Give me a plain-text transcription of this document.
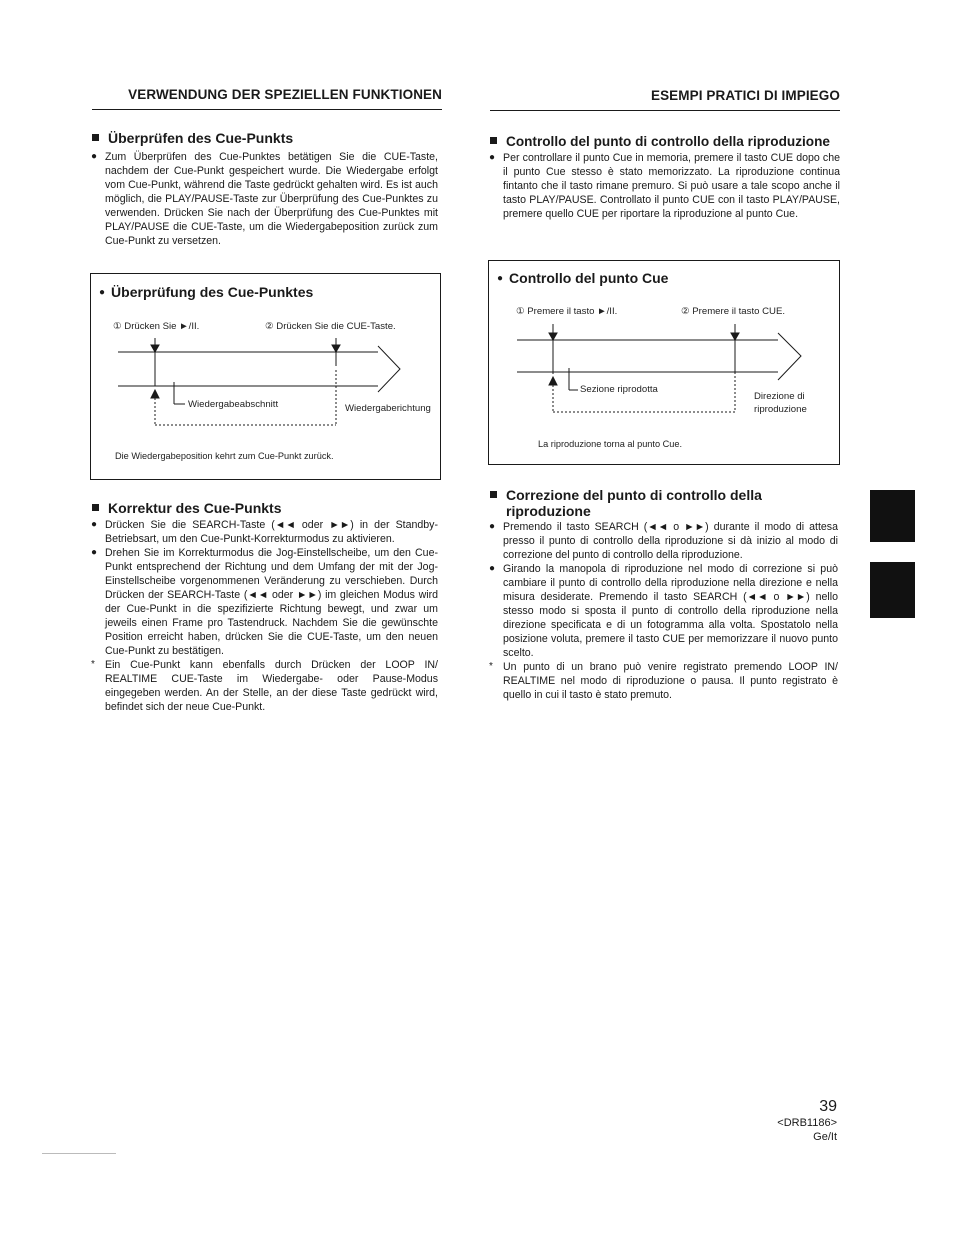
VERWENDUNG DER SPEZIELLEN FUNKTIONEN
Überprüfen des Cue-Punkts
● Zum Überprüfen des Cue-Punktes betätigen Sie die CUE-Taste, nachdem der Cue-Punkt gespeichert wurde. Die Wiedergabe erfolgt vom Cue-Punkt, während die Taste gedrückt gehalten wird. Es ist auch möglich, die PLAY/PAUSE-Taste zur Überprüfung des Cue-Punktes zu verwenden. Drücken Sie nach der Überprüfung des Cue-Punktes mit PLAY/PAUSE die CUE-Taste, um die Wiedergabeposition zurück zum Cue-Punkt zu versetzen.
● Überprüfung des Cue-Punktes
① Drücken Sie ►/II.	② Drücken Sie die CUE-Taste.
Wiedergabeabschnitt	Wiedergaberichtung
Die Wiedergabeposition kehrt zum Cue-Punkt zurück.
Korrektur des Cue-Punkts
● Drücken Sie die SEARCH-Taste (◄◄ oder ►►) in der Standby-Betriebsart, um den Cue-Punkt-Korrekturmodus zu aktivieren.
● Drehen Sie im Korrekturmodus die Jog-Einstellscheibe, um den Cue-Punkt entsprechend der Richtung und dem Umfang der mit der Jog-Einstellscheibe vorgenommenen Veränderung zu verschieben. Durch Drücken der SEARCH-Taste (◄◄ oder ►►) im gleichen Modus wird der Cue-Punkt in die spezifizierte Richtung bewegt, und zwar um jeweils einen Frame pro Tastendruck. Nachdem Sie die gewünschte Position erreicht haben, drücken Sie die CUE-Taste, um den neuen Cue-Punkt zu bestätigen.
* Ein Cue-Punkt kann ebenfalls durch Drücken der LOOP IN/ REALTIME CUE-Taste im Wiedergabe- oder Pause-Modus eingegeben werden. An der Stelle, an der diese Taste gedrückt wird, befindet sich der neue Cue-Punkt.
ESEMPI PRATICI DI IMPIEGO
Controllo del punto di controllo della riproduzione
● Per controllare il punto Cue in memoria, premere il tasto CUE dopo che il punto Cue stesso è stato memorizzato. La riproduzione continua fintanto che il tasto rimane premuro. Si può usare a tale scopo anche il tasto PLAY/PAUSE. Controllato il punto CUE con il tasto PLAY/PAUSE, premere quello CUE per riportare la riproduzione al punto Cue.
● Controllo del punto Cue
① Premere il tasto ►/II.	② Premere il tasto CUE.
Sezione riprodotta
Direzione di
riproduzione
La riproduzione torna al punto Cue.
Correzione del punto di controllo della riproduzione
● Premendo il tasto SEARCH (◄◄ o ►►) durante il modo di attesa presso il punto di controllo della riproduzione si dà inizio al modo di correzione del punto di controllo della riproduzione.
● Girando la manopola di riproduzione nel modo di correzione si può cambiare il punto di controllo della riproduzione nella direzione e nella misura desiderate. Premendo il tasto SEARCH (◄◄ o ►►) nello stesso modo si sposta il punto di controllo della riproduzione nella direzione specificata e di un fotogramma alla volta. Spostatolo nella posizione voluta, premere il tasto CUE per memorizzare il nuovo punto scelto.
* Un punto di un brano può venire registrato premendo LOOP IN/ REALTIME nel modo di riproduzione o pausa. Il punto registrato è quello in cui il tasto è stato premuto.
39
<DRB1186>
Ge/It
